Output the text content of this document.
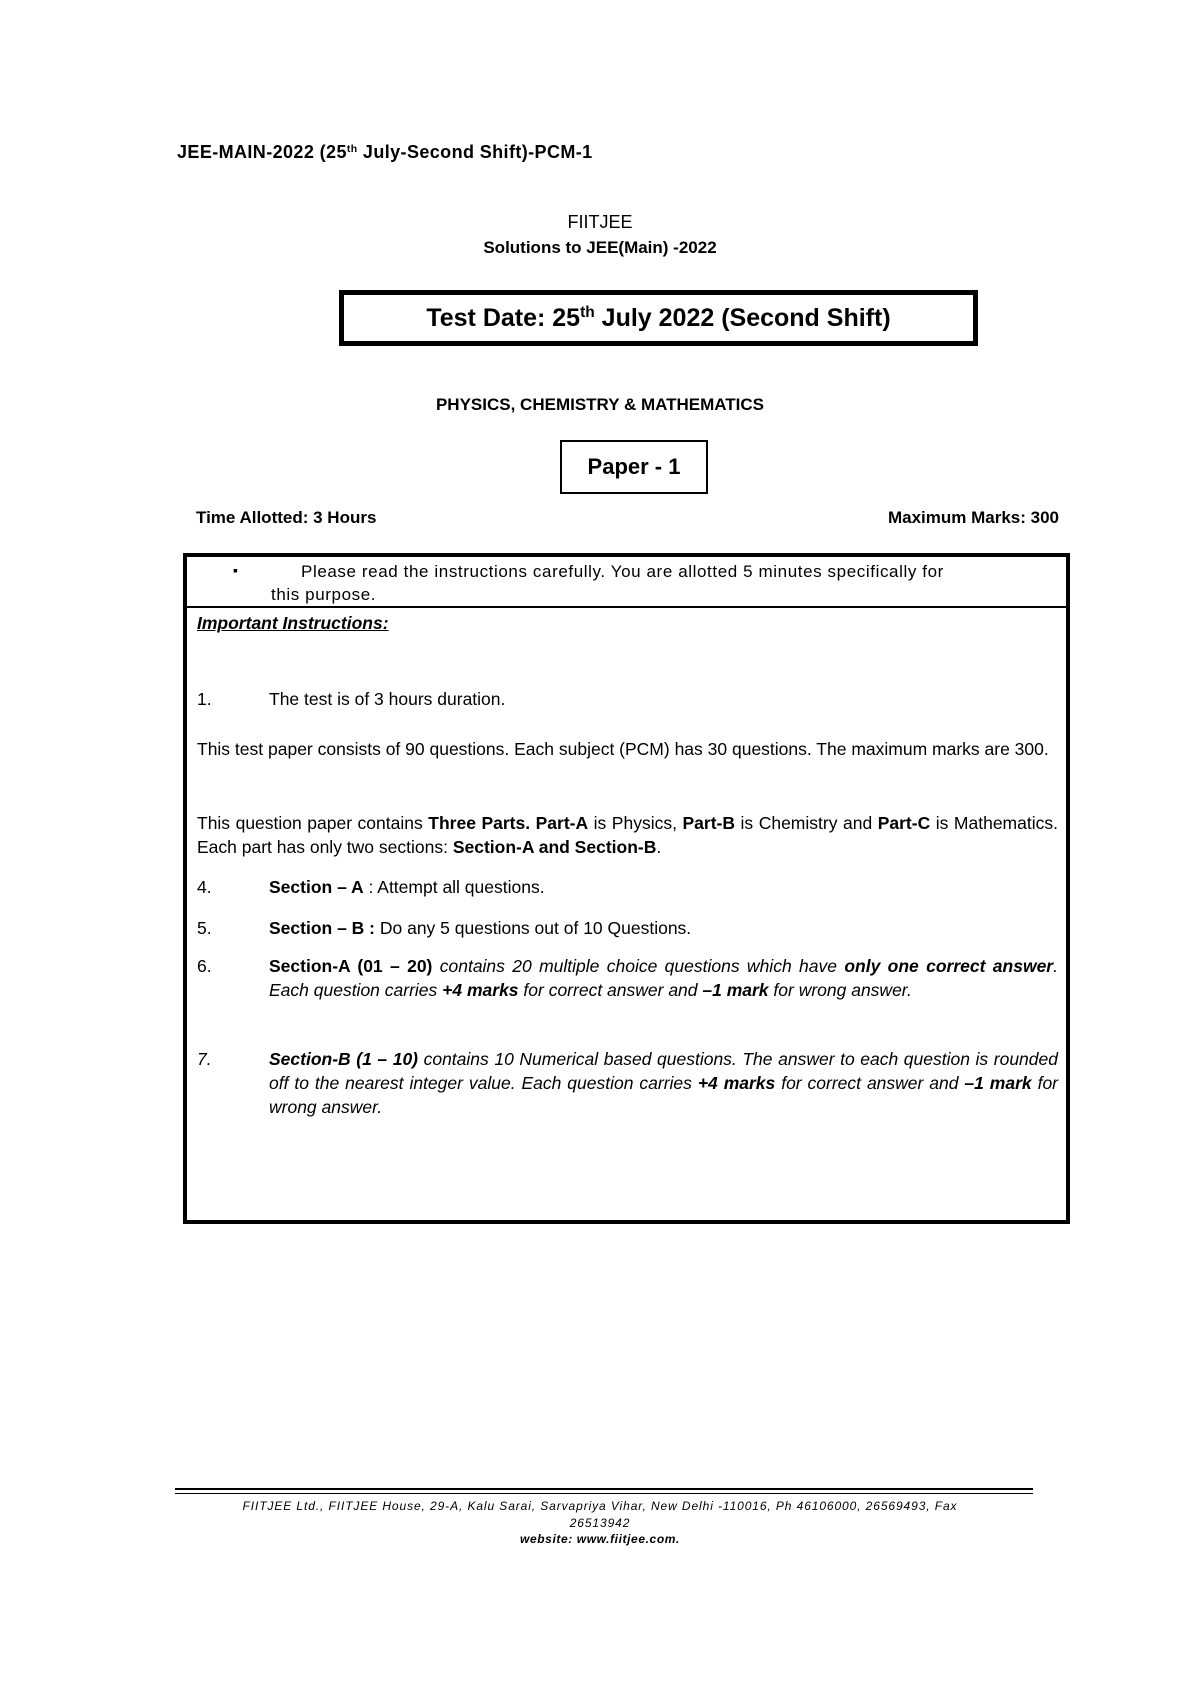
JEE-MAIN-2022 (25th July-Second Shift)-PCM-1
FIITJEE
Solutions to JEE(Main) -2022
Test Date: 25th July 2022 (Second Shift)
PHYSICS, CHEMISTRY & MATHEMATICS
Paper - 1
Time Allotted: 3 Hours	Maximum Marks: 300
▪	Please read the instructions carefully. You are allotted 5 minutes specifically for
this purpose.
Important Instructions:
1.	The test is of 3 hours duration.
This test paper consists of 90 questions. Each subject (PCM) has 30 questions. The maximum marks are 300.
This question paper contains Three Parts. Part-A is Physics, Part-B is Chemistry and Part-C is Mathematics. Each part has only two sections: Section-A and Section-B.
4.	Section – A : Attempt all questions.
5.	Section – B : Do any 5 questions out of 10 Questions.
6.	Section-A (01 – 20) contains 20 multiple choice questions which have only one correct answer. Each question carries +4 marks for correct answer and –1 mark for wrong answer.
7.	Section-B (1 – 10) contains 10 Numerical based questions. The answer to each question is rounded off to the nearest integer value. Each question carries +4 marks for correct answer and –1 mark for wrong answer.
FIITJEE Ltd., FIITJEE House, 29-A, Kalu Sarai, Sarvapriya Vihar, New Delhi -110016, Ph 46106000, 26569493, Fax
26513942
website: www.fiitjee.com.
